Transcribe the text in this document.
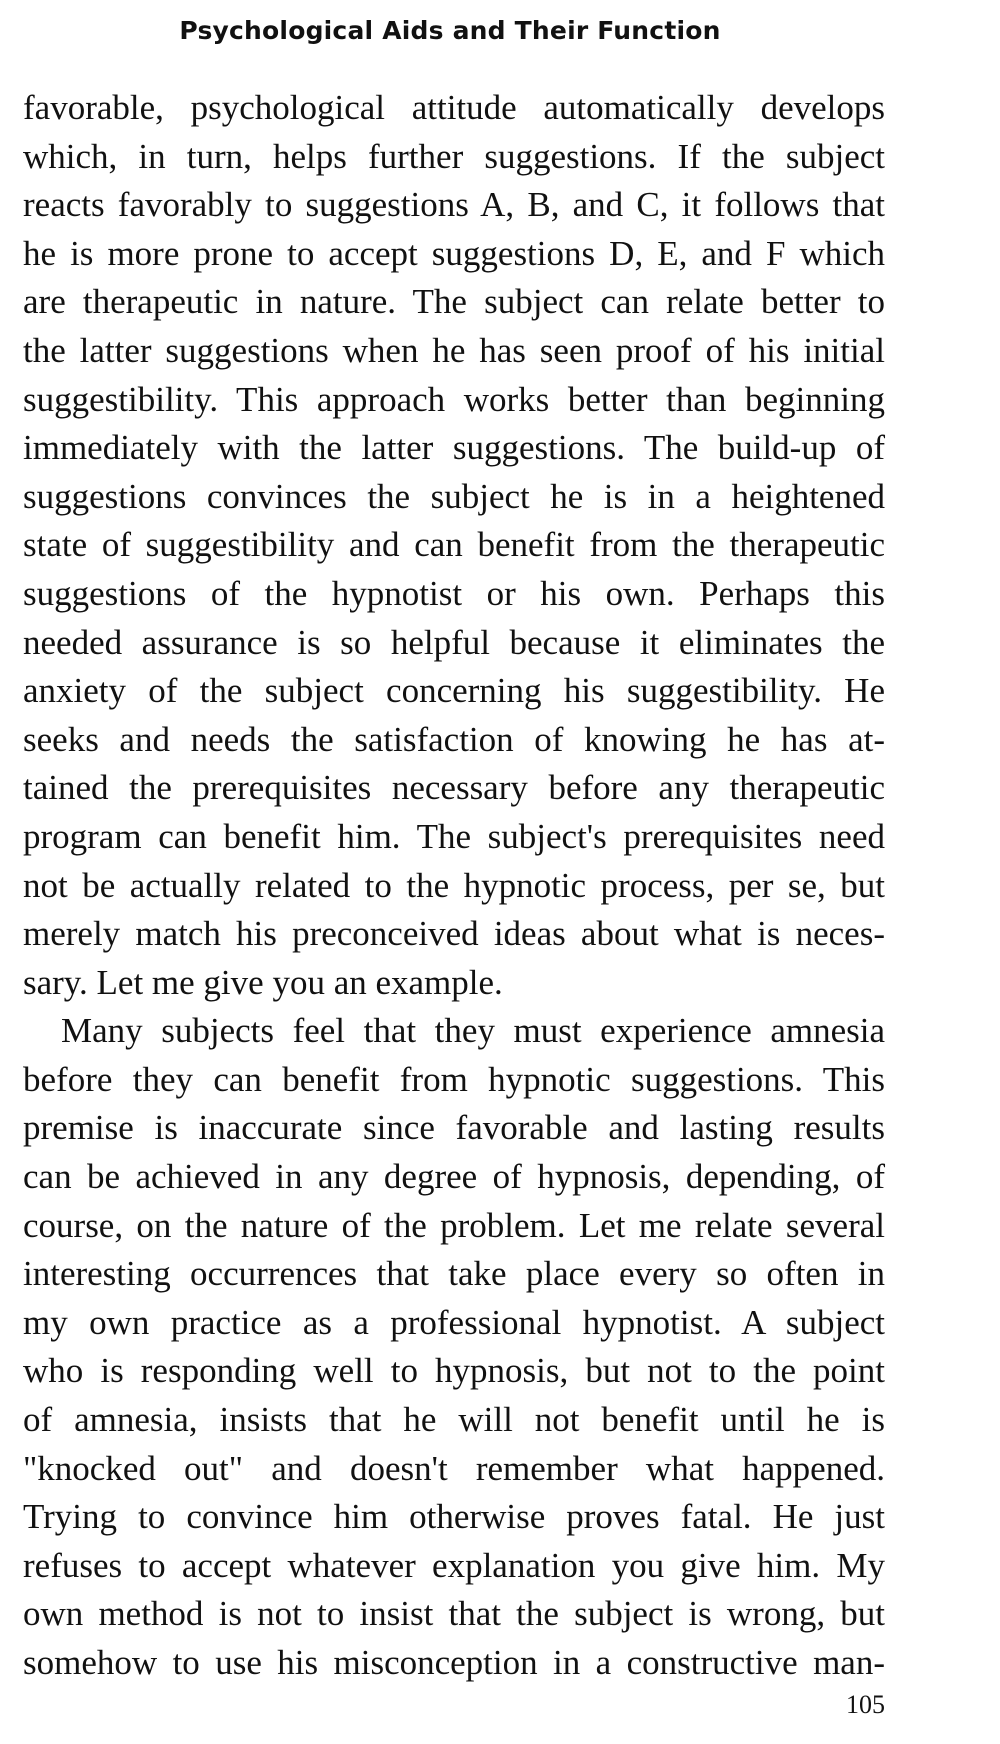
Psychological Aids and Their Function
favorable, psychological attitude automatically develops
which, in turn, helps further suggestions. If the subject
reacts favorably to suggestions A, B, and C, it follows that
he is more prone to accept suggestions D, E, and F which
are therapeutic in nature. The subject can relate better to
the latter suggestions when he has seen proof of his initial
suggestibility. This approach works better than beginning
immediately with the latter suggestions. The build-up of
suggestions convinces the subject he is in a heightened
state of suggestibility and can benefit from the therapeutic
suggestions of the hypnotist or his own. Perhaps this
needed assurance is so helpful because it eliminates the
anxiety of the subject concerning his suggestibility. He
seeks and needs the satisfaction of knowing he has at-
tained the prerequisites necessary before any therapeutic
program can benefit him. The subject's prerequisites need
not be actually related to the hypnotic process, per se, but
merely match his preconceived ideas about what is neces-
sary. Let me give you an example.
Many subjects feel that they must experience amnesia
before they can benefit from hypnotic suggestions. This
premise is inaccurate since favorable and lasting results
can be achieved in any degree of hypnosis, depending, of
course, on the nature of the problem. Let me relate several
interesting occurrences that take place every so often in
my own practice as a professional hypnotist. A subject
who is responding well to hypnosis, but not to the point
of amnesia, insists that he will not benefit until he is
"knocked out" and doesn't remember what happened.
Trying to convince him otherwise proves fatal. He just
refuses to accept whatever explanation you give him. My
own method is not to insist that the subject is wrong, but
somehow to use his misconception in a constructive man-
105
